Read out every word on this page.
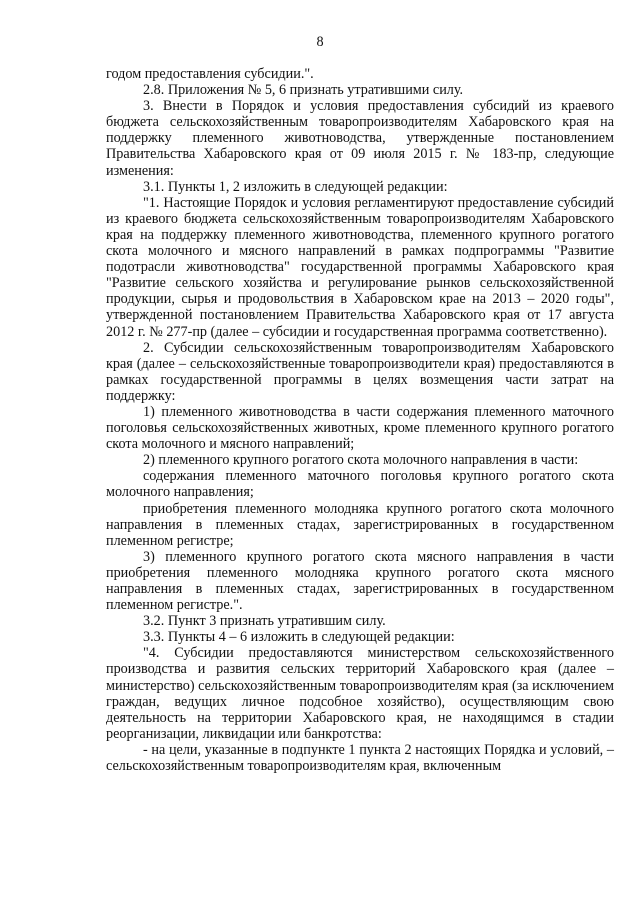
8

годом предоставления субсидии.".

2.8. Приложения № 5, 6 признать утратившими силу.

3. Внести в Порядок и условия предоставления субсидий из краевого бюджета сельскохозяйственным товаропроизводителям Хабаровского края на поддержку племенного животноводства, утвержденные постановлением Правительства Хабаровского края от 09 июля 2015 г. № 183-пр, следующие изменения:

3.1. Пункты 1, 2 изложить в следующей редакции:

"1. Настоящие Порядок и условия регламентируют предоставление субсидий из краевого бюджета сельскохозяйственным товаропроизводителям Хабаровского края на поддержку племенного животноводства, племенного крупного рогатого скота молочного и мясного направлений в рамках подпрограммы "Развитие подотрасли животноводства" государственной программы Хабаровского края "Развитие сельского хозяйства и регулирование рынков сельскохозяйственной продукции, сырья и продовольствия в Хабаровском крае на 2013 – 2020 годы", утвержденной постановлением Правительства Хабаровского края от 17 августа 2012 г. № 277-пр (далее – субсидии и государственная программа соответственно).

2. Субсидии сельскохозяйственным товаропроизводителям Хабаровского края (далее – сельскохозяйственные товаропроизводители края) предоставляются в рамках государственной программы в целях возмещения части затрат на поддержку:

1) племенного животноводства в части содержания племенного маточного поголовья сельскохозяйственных животных, кроме племенного крупного рогатого скота молочного и мясного направлений;

2) племенного крупного рогатого скота молочного направления в части:

содержания племенного маточного поголовья крупного рогатого скота молочного направления;

приобретения племенного молодняка крупного рогатого скота молочного направления в племенных стадах, зарегистрированных в государственном племенном регистре;

3) племенного крупного рогатого скота мясного направления в части приобретения племенного молодняка крупного рогатого скота мясного направления в племенных стадах, зарегистрированных в государственном племенном регистре.".

3.2. Пункт 3 признать утратившим силу.

3.3. Пункты 4 – 6 изложить в следующей редакции:

"4. Субсидии предоставляются министерством сельскохозяйственного производства и развития сельских территорий Хабаровского края (далее – министерство) сельскохозяйственным товаропроизводителям края (за исключением граждан, ведущих личное подсобное хозяйство), осуществляющим свою деятельность на территории Хабаровского края, не находящимся в стадии реорганизации, ликвидации или банкротства:

- на цели, указанные в подпункте 1 пункта 2 настоящих Порядка и условий, – сельскохозяйственным товаропроизводителям края, включенным
